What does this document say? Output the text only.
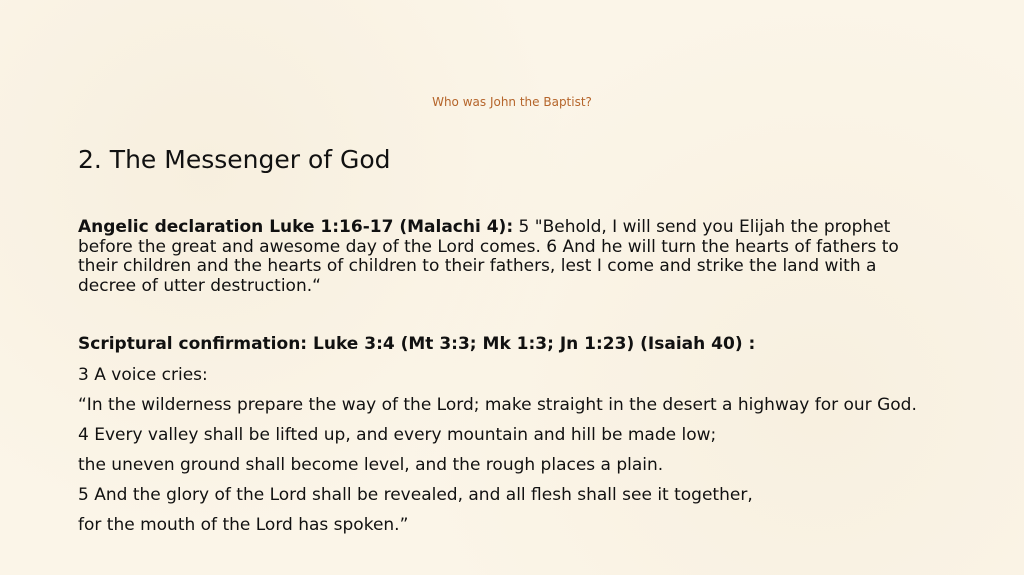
Who was John the Baptist?
2. The Messenger of God

Angelic declaration Luke 1:16-17 (Malachi 4): 5 "Behold, I will send you Elijah the prophet before the great and awesome day of the Lord comes. 6 And he will turn the hearts of fathers to their children and the hearts of children to their fathers, lest I come and strike the land with a decree of utter destruction.“

Scriptural confirmation: Luke 3:4 (Mt 3:3; Mk 1:3; Jn 1:23) (Isaiah 40) :

3 A voice cries:

“In the wilderness prepare the way of the Lord; make straight in the desert a highway for our God.

4 Every valley shall be lifted up, and every mountain and hill be made low;

the uneven ground shall become level, and the rough places a plain.

5 And the glory of the Lord shall be revealed, and all flesh shall see it together,

for the mouth of the Lord has spoken.”
